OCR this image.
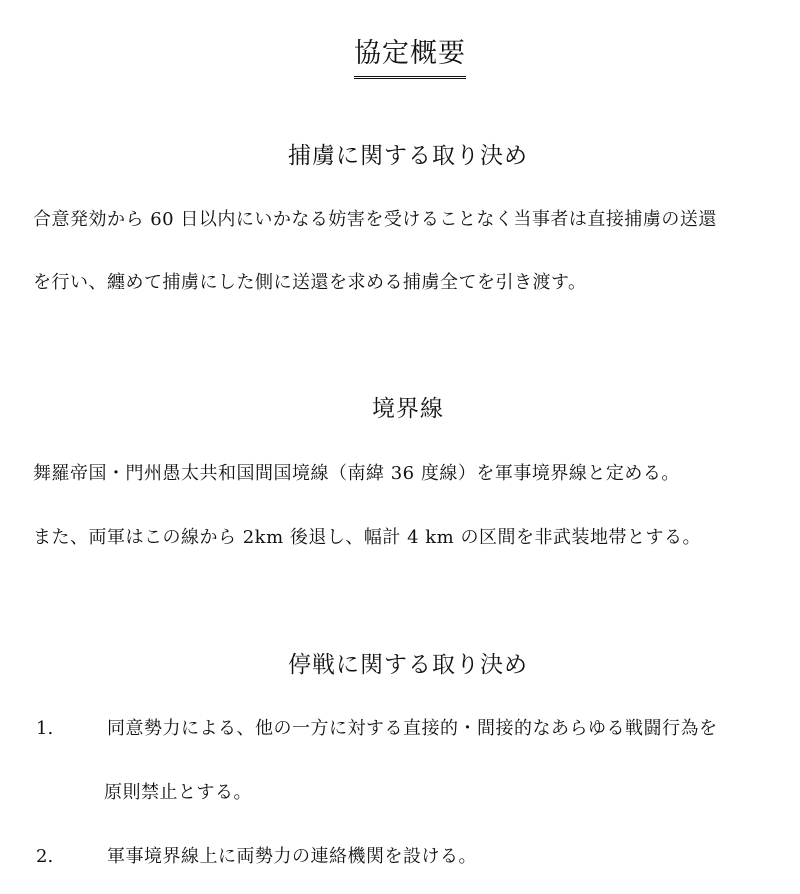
協定概要
捕虜に関する取り決め
合意発効から 60 日以内にいかなる妨害を受けることなく当事者は直接捕虜の送還
を行い、纏めて捕虜にした側に送還を求める捕虜全てを引き渡す。
境界線
舞羅帝国・門州愚太共和国間国境線（南緯 36 度線）を軍事境界線と定める。
また、両軍はこの線から 2km 後退し、幅計 4 km の区間を非武装地帯とする。
停戦に関する取り決め
1.	同意勢力による、他の一方に対する直接的・間接的なあらゆる戦闘行為を
原則禁止とする。
2.	軍事境界線上に両勢力の連絡機関を設ける。
